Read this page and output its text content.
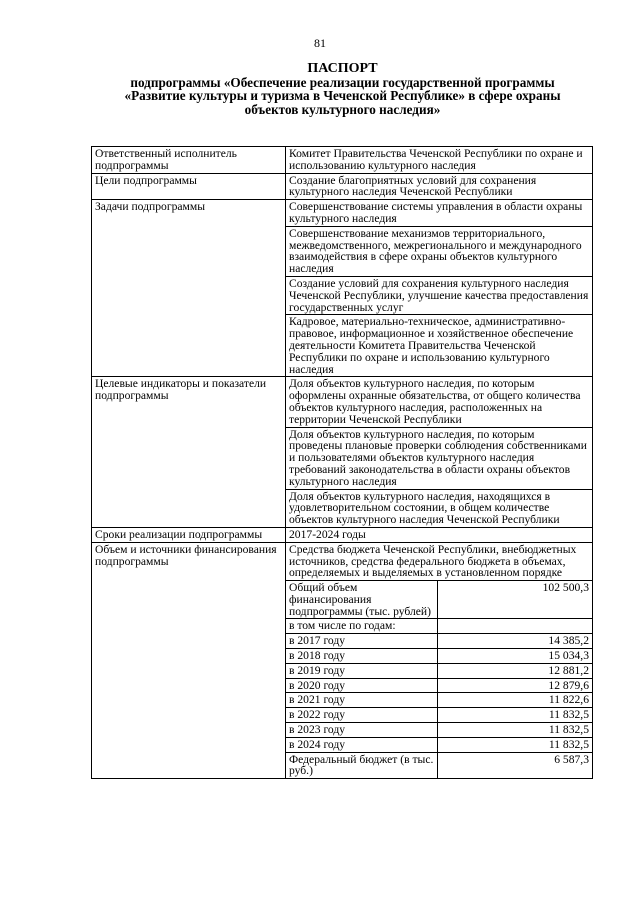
81
ПАСПОРТ
подпрограммы «Обеспечение реализации государственной программы
«Развитие культуры и туризма в Чеченской Республике» в сфере охраны
объектов культурного наследия»
Ответственный исполнитель подпрограммы	Комитет Правительства Чеченской Республики по охране и использованию культурного наследия	
Цели подпрограммы	Создание благоприятных условий для сохранения культурного наследия Чеченской Республики	
Задачи подпрограммы	Совершенствование системы управления в области охраны культурного наследия	
	Совершенствование механизмов территориального, межведомственного, межрегионального и международного взаимодействия в сфере охраны объектов культурного наследия	
	Создание условий для сохранения культурного наследия Чеченской Республики, улучшение качества предоставления государственных услуг	
	Кадровое, материально-техническое, административно-правовое, информационное и хозяйственное обеспечение деятельности Комитета Правительства Чеченской Республики по охране и использованию культурного наследия	
Целевые индикаторы и показатели подпрограммы	Доля объектов культурного наследия, по которым оформлены охранные обязательства, от общего количества объектов культурного наследия, расположенных на территории Чеченской Республики	
	Доля объектов культурного наследия, по которым проведены плановые проверки соблюдения собственниками и пользователями объектов культурного наследия требований законодательства в области охраны объектов культурного наследия	
	Доля объектов культурного наследия, находящихся в удовлетворительном состоянии, в общем количестве объектов культурного наследия Чеченской Республики	
Сроки реализации подпрограммы	2017-2024 годы	
Объем и источники финансирования подпрограммы	Средства бюджета Чеченской Республики, внебюджетных источников, средства федерального бюджета в объемах, определяемых и выделяемых в установленном порядке	
	Общий объем финансирования подпрограммы (тыс. рублей)	102 500,3
	в том числе по годам:	
	в 2017 году	14 385,2
	в 2018 году	15 034,3
	в 2019 году	12 881,2
	в 2020 году	12 879,6
	в 2021 году	11 822,6
	в 2022 году	11 832,5
	в 2023 году	11 832,5
	в 2024 году	11 832,5
	Федеральный бюджет (в тыс. руб.)	6 587,3
